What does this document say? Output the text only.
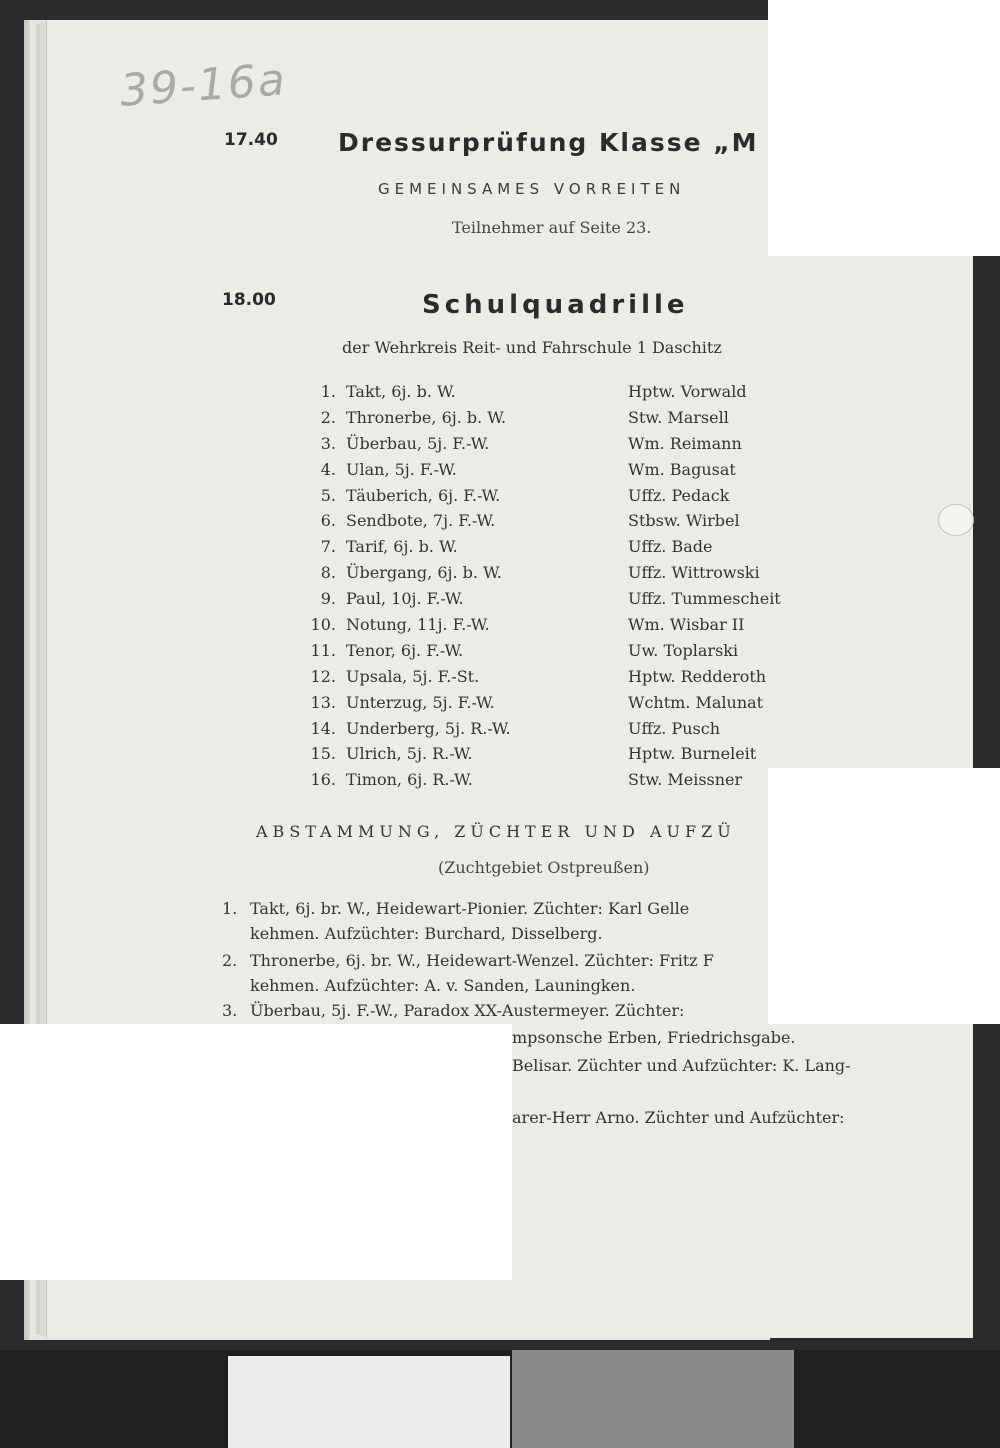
39-16a
17.40 Dressurprüfung Klasse „M
GEMEINSAMES VORREITEN
Teilnehmer auf Seite 23.
18.00	Schulquadrille
der Wehrkreis Reit- und Fahrschule 1 Daschitz
1. Takt, 6j. b. W.	Hptw. Vorwald
2. Thronerbe, 6j. b. W.	Stw. Marsell
3. Überbau, 5j. F.-W.	Wm. Reimann
4. Ulan, 5j. F.-W.	Wm. Bagusat
5. Täuberich, 6j. F.-W.	Uffz. Pedack
6. Sendbote, 7j. F.-W.	Stbsw. Wirbel
7. Tarif, 6j. b. W.	Uffz. Bade
8. Übergang, 6j. b. W.	Uffz. Wittrowski
9. Paul, 10j. F.-W.	Uffz. Tummescheit
10. Notung, 11j. F.-W.	Wm. Wisbar II
11. Tenor, 6j. F.-W.	Uw. Toplarski
12. Upsala, 5j. F.-St.	Hptw. Redderoth
13. Unterzug, 5j. F.-W.	Wchtm. Malunat
14. Underberg, 5j. R.-W.	Uffz. Pusch
15. Ulrich, 5j. R.-W.	Hptw. Burneleit
16. Timon, 6j. R.-W.	Stw. Meissner
ABSTAMMUNG, ZÜCHTER UND AUFZÜ
(Zuchtgebiet Ostpreußen)
1. Takt, 6j. br. W., Heidewart-Pionier. Züchter: Karl Gelle
kehmen. Aufzüchter: Burchard, Disselberg.
2. Thronerbe, 6j. br. W., Heidewart-Wenzel. Züchter: Fritz F
kehmen. Aufzüchter: A. v. Sanden, Launingken.
3. Überbau, 5j. F.-W., Paradox XX-Austermeyer. Züchter:
mpsonsche Erben, Friedrichsgabe.
Belisar. Züchter und Aufzüchter: K. Lang-
arer-Herr Arno. Züchter und Aufzüchter:
